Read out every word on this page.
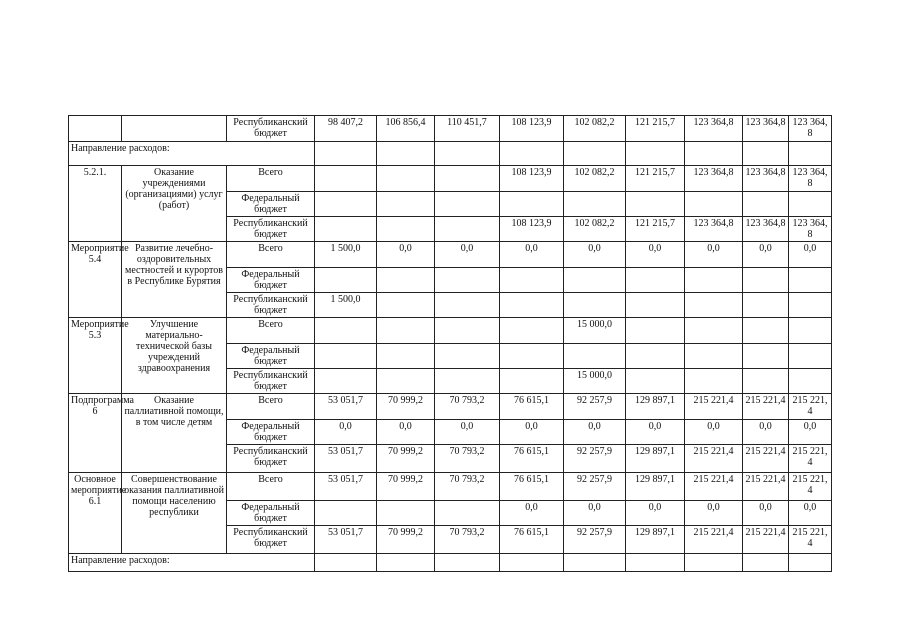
		Республиканский бюджет	98 407,2	106 856,4	110 451,7	108 123,9	102 082,2	121 215,7	123 364,8	123 364,8	123 364,8
Направление расходов:											
5.2.1.	Оказание учреждениями (организациями) услуг (работ)	Всего				108 123,9	102 082,2	121 215,7	123 364,8	123 364,8	123 364,8
		Федеральный бюджет									
		Республиканский бюджет				108 123,9	102 082,2	121 215,7	123 364,8	123 364,8	123 364,8
Мероприятие 5.4	Развитие лечебно-оздоровительных местностей и курортов в Республике Бурятия	Всего	1 500,0	0,0	0,0	0,0	0,0	0,0	0,0	0,0	0,0
		Федеральный бюджет									
		Республиканский бюджет	1 500,0								
Мероприятие 5.3	Улучшение материально-технической базы учреждений здравоохранения	Всего					15 000,0				
		Федеральный бюджет									
		Республиканский бюджет					15 000,0				
Подпрограмма 6	Оказание паллиативной помощи, в том числе детям	Всего	53 051,7	70 999,2	70 793,2	76 615,1	92 257,9	129 897,1	215 221,4	215 221,4	215 221,4
		Федеральный бюджет	0,0	0,0	0,0	0,0	0,0	0,0	0,0	0,0	0,0
		Республиканский бюджет	53 051,7	70 999,2	70 793,2	76 615,1	92 257,9	129 897,1	215 221,4	215 221,4	215 221,4
Основное мероприятие 6.1	Совершенствование оказания паллиативной помощи населению республики	Всего	53 051,7	70 999,2	70 793,2	76 615,1	92 257,9	129 897,1	215 221,4	215 221,4	215 221,4
		Федеральный бюджет				0,0	0,0	0,0	0,0	0,0	0,0
		Республиканский бюджет	53 051,7	70 999,2	70 793,2	76 615,1	92 257,9	129 897,1	215 221,4	215 221,4	215 221,4
Направление расходов:											
